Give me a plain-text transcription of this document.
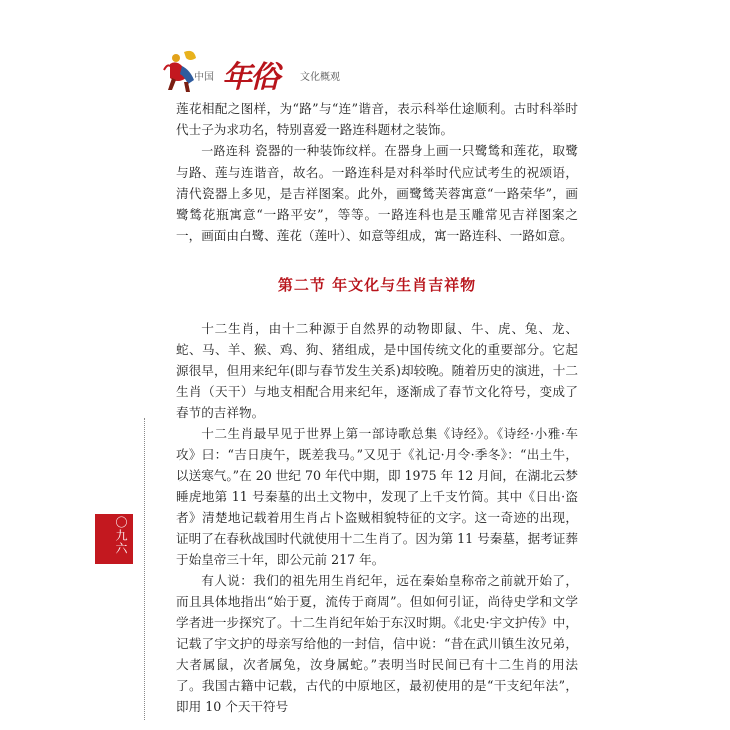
中国 年俗 文化概观

莲花相配之图样，为“路”与“连”谐音，表示科举仕途顺利。古时科举时代士子为求功名，特别喜爱一路连科题材之装饰。

一路连科 瓷器的一种装饰纹样。在器身上画一只鹭鸶和莲花，取鹭与路、莲与连谐音，故名。一路连科是对科举时代应试考生的祝颂语，清代瓷器上多见，是吉祥图案。此外，画鹭鸶芙蓉寓意“一路荣华”，画鹭鸶花瓶寓意“一路平安”，等等。一路连科也是玉雕常见吉祥图案之一，画面由白鹭、莲花（莲叶）、如意等组成，寓一路连科、一路如意。

第二节 年文化与生肖吉祥物

十二生肖，由十二种源于自然界的动物即鼠、牛、虎、兔、龙、蛇、马、羊、猴、鸡、狗、猪组成，是中国传统文化的重要部分。它起源很早，但用来纪年(即与春节发生关系)却较晚。随着历史的演进，十二生肖（天干）与地支相配合用来纪年，逐渐成了春节文化符号，变成了春节的吉祥物。

十二生肖最早见于世界上第一部诗歌总集《诗经》。《诗经·小雅·车攻》曰：“吉日庚午，既差我马。”又见于《礼记·月令·季冬》：“出土牛，以送寒气。”在 20 世纪 70 年代中期，即 1975 年 12 月间，在湖北云梦睡虎地第 11 号秦墓的出土文物中，发现了上千支竹简。其中《日出·盗者》清楚地记载着用生肖占卜盗贼相貌特征的文字。这一奇迹的出现，证明了在春秋战国时代就使用十二生肖了。因为第 11 号秦墓，据考证葬于始皇帝三十年，即公元前 217 年。

有人说：我们的祖先用生肖纪年，远在秦始皇称帝之前就开始了，而且具体地指出“始于夏，流传于商周”。但如何引证，尚待史学和文学学者进一步探究了。十二生肖纪年始于东汉时期。《北史·宇文护传》中，记载了宇文护的母亲写给他的一封信，信中说：“昔在武川镇生汝兄弟，大者属鼠，次者属兔，汝身属蛇。”表明当时民间已有十二生肖的用法了。我国古籍中记载，古代的中原地区，最初使用的是“干支纪年法”，即用 10 个天干符号

〇九六
